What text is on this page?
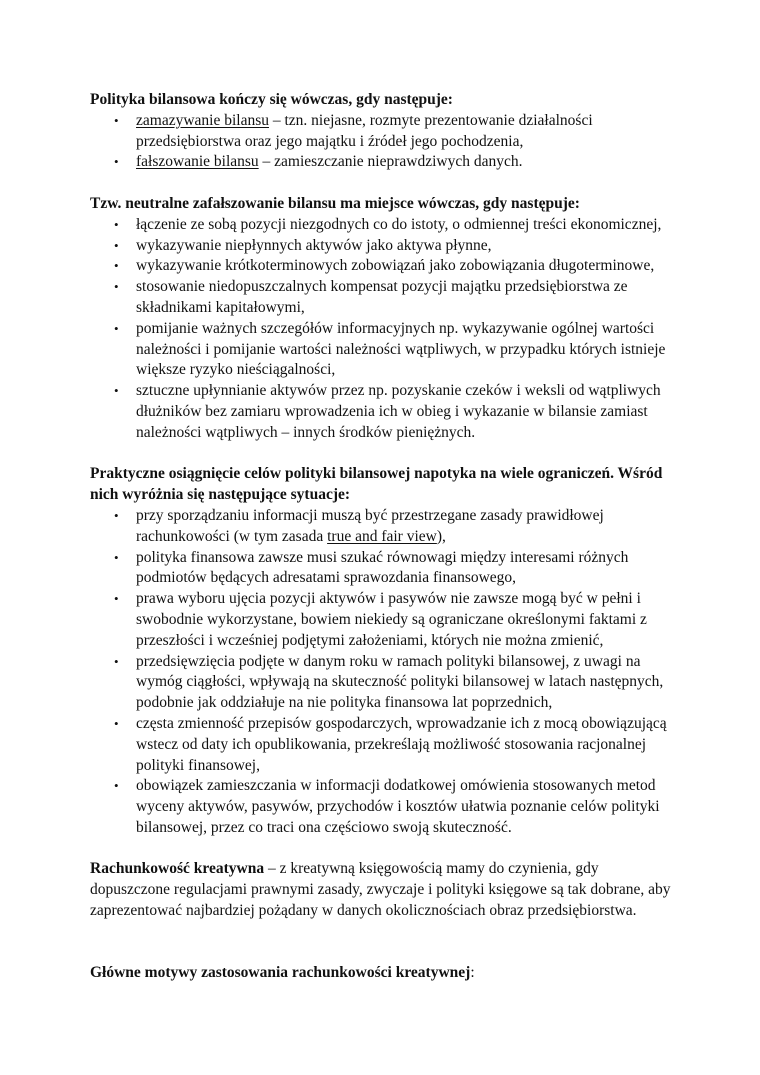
Polityka bilansowa kończy się wówczas, gdy następuje:
• zamazywanie bilansu – tzn. niejasne, rozmyte prezentowanie działalności
przedsiębiorstwa oraz jego majątku i źródeł jego pochodzenia,
• fałszowanie bilansu – zamieszczanie nieprawdziwych danych.
Tzw. neutralne zafałszowanie bilansu ma miejsce wówczas, gdy następuje:
• łączenie ze sobą pozycji niezgodnych co do istoty, o odmiennej treści ekonomicznej,
• wykazywanie niepłynnych aktywów jako aktywa płynne,
• wykazywanie krótkoterminowych zobowiązań jako zobowiązania długoterminowe,
• stosowanie niedopuszczalnych kompensat pozycji majątku przedsiębiorstwa ze
składnikami kapitałowymi,
• pomijanie ważnych szczegółów informacyjnych np. wykazywanie ogólnej wartości
należności i pomijanie wartości należności wątpliwych, w przypadku których istnieje
większe ryzyko nieściągalności,
• sztuczne upłynnianie aktywów przez np. pozyskanie czeków i weksli od wątpliwych
dłużników bez zamiaru wprowadzenia ich w obieg i wykazanie w bilansie zamiast
należności wątpliwych – innych środków pieniężnych.
Praktyczne osiągnięcie celów polityki bilansowej napotyka na wiele ograniczeń. Wśród
nich wyróżnia się następujące sytuacje:
• przy sporządzaniu informacji muszą być przestrzegane zasady prawidłowej
rachunkowości (w tym zasada true and fair view),
• polityka finansowa zawsze musi szukać równowagi między interesami różnych
podmiotów będących adresatami sprawozdania finansowego,
• prawa wyboru ujęcia pozycji aktywów i pasywów nie zawsze mogą być w pełni i
swobodnie wykorzystane, bowiem niekiedy są ograniczane określonymi faktami z
przeszłości i wcześniej podjętymi założeniami, których nie można zmienić,
• przedsięwzięcia podjęte w danym roku w ramach polityki bilansowej, z uwagi na
wymóg ciągłości, wpływają na skuteczność polityki bilansowej w latach następnych,
podobnie jak oddziałuje na nie polityka finansowa lat poprzednich,
• częsta zmienność przepisów gospodarczych, wprowadzanie ich z mocą obowiązującą
wstecz od daty ich opublikowania, przekreślają możliwość stosowania racjonalnej
polityki finansowej,
• obowiązek zamieszczania w informacji dodatkowej omówienia stosowanych metod
wyceny aktywów, pasywów, przychodów i kosztów ułatwia poznanie celów polityki
bilansowej, przez co traci ona częściowo swoją skuteczność.
Rachunkowość kreatywna – z kreatywną księgowością mamy do czynienia, gdy
dopuszczone regulacjami prawnymi zasady, zwyczaje i polityki księgowe są tak dobrane, aby
zaprezentować najbardziej pożądany w danych okolicznościach obraz przedsiębiorstwa.
Główne motywy zastosowania rachunkowości kreatywnej:
